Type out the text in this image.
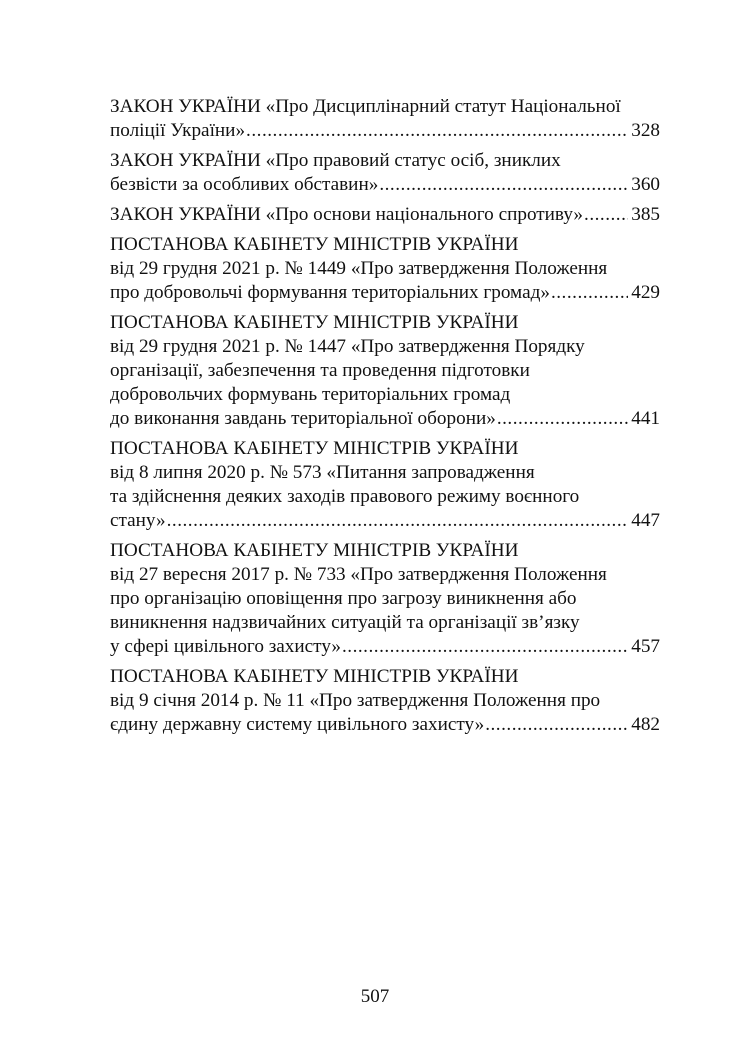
ЗАКОН УКРАЇНИ «Про Дисциплінарний статут Національної
поліції України» .....	328
ЗАКОН УКРАЇНИ «Про правовий статус осіб, зниклих
безвісти за особливих обставин» .....	360
ЗАКОН УКРАЇНИ «Про основи національного спротиву» .....	385
ПОСТАНОВА КАБІНЕТУ МІНІСТРІВ УКРАЇНИ
від 29 грудня 2021 р. № 1449 «Про затвердження Положення
про добровольчі формування територіальних громад» .....	429
ПОСТАНОВА КАБІНЕТУ МІНІСТРІВ УКРАЇНИ
від 29 грудня 2021 р. № 1447 «Про затвердження Порядку
організації, забезпечення та проведення підготовки
добровольчих формувань територіальних громад
до виконання завдань територіальної оборони» .....	441
ПОСТАНОВА КАБІНЕТУ МІНІСТРІВ УКРАЇНИ
від 8 липня 2020 р. № 573 «Питання запровадження
та здійснення деяких заходів правового режиму воєнного
стану» .....	447
ПОСТАНОВА КАБІНЕТУ МІНІСТРІВ УКРАЇНИ
від 27 вересня 2017 р. № 733 «Про затвердження Положення
про організацію оповіщення про загрозу виникнення або
виникнення надзвичайних ситуацій та організації зв’язку
у сфері цивільного захисту» .....	457
ПОСТАНОВА КАБІНЕТУ МІНІСТРІВ УКРАЇНИ
від 9 січня 2014 р. № 11 «Про затвердження Положення про
єдину державну систему цивільного захисту» .....	482
507
